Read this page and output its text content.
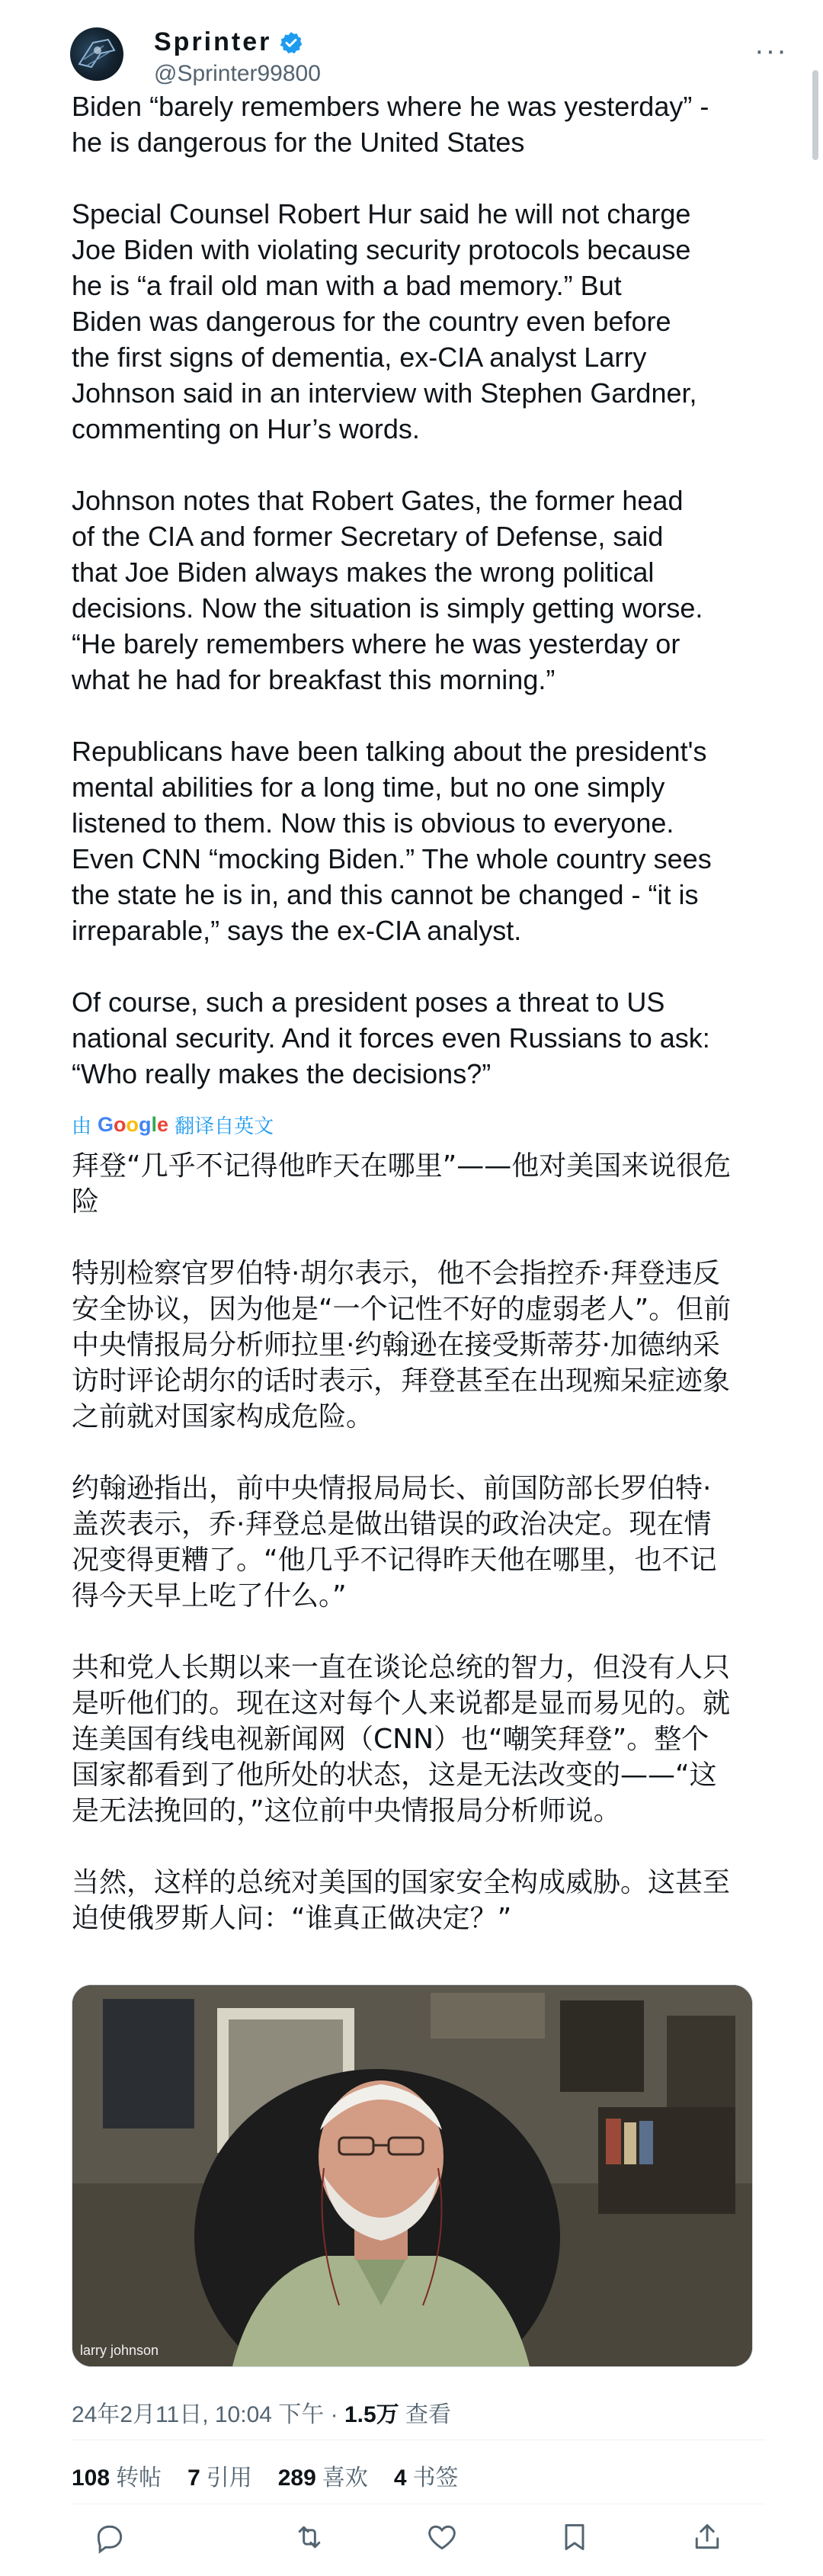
Sprinter
@Sprinter99800
···

Biden “barely remembers where he was yesterday” -
he is dangerous for the United States

Special Counsel Robert Hur said he will not charge
Joe Biden with violating security protocols because
he is “a frail old man with a bad memory.” But
Biden was dangerous for the country even before
the first signs of dementia, ex-CIA analyst Larry
Johnson said in an interview with Stephen Gardner,
commenting on Hur’s words.

Johnson notes that Robert Gates, the former head
of the CIA and former Secretary of Defense, said
that Joe Biden always makes the wrong political
decisions. Now the situation is simply getting worse.
“He barely remembers where he was yesterday or
what he had for breakfast this morning.”

Republicans have been talking about the president's
mental abilities for a long time, but no one simply
listened to them. Now this is obvious to everyone.
Even CNN “mocking Biden.” The whole country sees
the state he is in, and this cannot be changed - “it is
irreparable,” says the ex-CIA analyst.

Of course, such a president poses a threat to US
national security. And it forces even Russians to ask:
“Who really makes the decisions?”

由 Google 翻译自英文

拜登“几乎不记得他昨天在哪里”——他对美国来说很危
险

特别检察官罗伯特·胡尔表示，他不会指控乔·拜登违反
安全协议，因为他是“一个记性不好的虚弱老人”。但前
中央情报局分析师拉里·约翰逊在接受斯蒂芬·加德纳采
访时评论胡尔的话时表示，拜登甚至在出现痴呆症迹象
之前就对国家构成危险。

约翰逊指出，前中央情报局局长、前国防部长罗伯特·
盖茨表示，乔·拜登总是做出错误的政治决定。现在情
况变得更糟了。“他几乎不记得昨天他在哪里，也不记
得今天早上吃了什么。”

共和党人长期以来一直在谈论总统的智力，但没有人只
是听他们的。现在这对每个人来说都是显而易见的。就
连美国有线电视新闻网（CNN）也“嘲笑拜登”。整个
国家都看到了他所处的状态，这是无法改变的——“这
是无法挽回的，”这位前中央情报局分析师说。

当然，这样的总统对美国的国家安全构成威胁。这甚至
迫使俄罗斯人问：“谁真正做决定？”

larry johnson
24年2月11日, 10:04 下午 · 1.5万 查看
108 转帖 7 引用 289 喜欢 4 书签
